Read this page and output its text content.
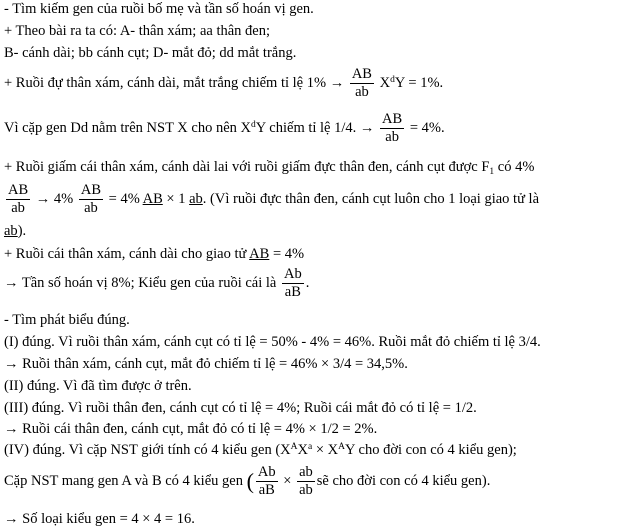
- Tìm kiếm gen của ruồi bố mẹ và tần số hoán vị gen.
+ Theo bài ra ta có: A- thân xám; aa thân đen;
B- cánh dài; bb cánh cụt; D- mắt đỏ; dd mắt trắng.
+ Ruồi đự thân xám, cánh dài, mắt trắng chiếm tỉ lệ $1\% \to \frac{AB}{ab} X^dY = 1\%$.
Vì cặp gen Dd nằm trên NST X cho nên $X^dY$ chiếm tỉ lệ 1/4. → $\frac{AB}{ab} = 4\%$.
+ Ruồi giấm cái thân xám, cánh dài lai với ruồi giấm đực thân đen, cánh cụt được $F_1$ có 4%
$\frac{AB}{ab} \to 4\% \frac{AB}{ab} = 4\%$ AB × 1 ab. (Vì ruồi đực thân đen, cánh cụt luôn cho 1 loại giao tử là
ab).
+ Ruồi cái thân xám, cánh dài cho giao tử AB = 4%
→ Tần số hoán vị 8%; Kiểu gen của ruồi cái là $\frac{Ab}{aB}$ .
- Tìm phát biểu đúng.
(I) đúng. Vì ruồi thân xám, cánh cụt có tỉ lệ = 50% - 4% = 46%. Ruồi mắt đỏ chiếm tỉ lệ 3/4.
→ Ruồi thân xám, cánh cụt, mắt đỏ chiếm tỉ lệ = 46% × 3/4 = 34,5%.
(II) đúng. Vì đã tìm được ở trên.
(III) đúng. Vì ruồi thân đen, cánh cụt có tỉ lệ = 4%; Ruồi cái mắt đỏ có tỉ lệ = 1/2.
→ Ruồi cái thân đen, cánh cụt, mắt đỏ có tỉ lệ = 4% × 1/2 = 2%.
(IV) đúng. Vì cặp NST giới tính có 4 kiểu gen ($X^AX^a \times X^AY$ cho đời con có 4 kiểu gen);
Cặp NST mang gen A và B có 4 kiểu gen ( $\frac{Ab}{aB} \times \frac{ab}{ab}$ sẽ cho đời con có 4 kiểu gen).
→ Số loại kiểu gen = 4 × 4 = 16.
